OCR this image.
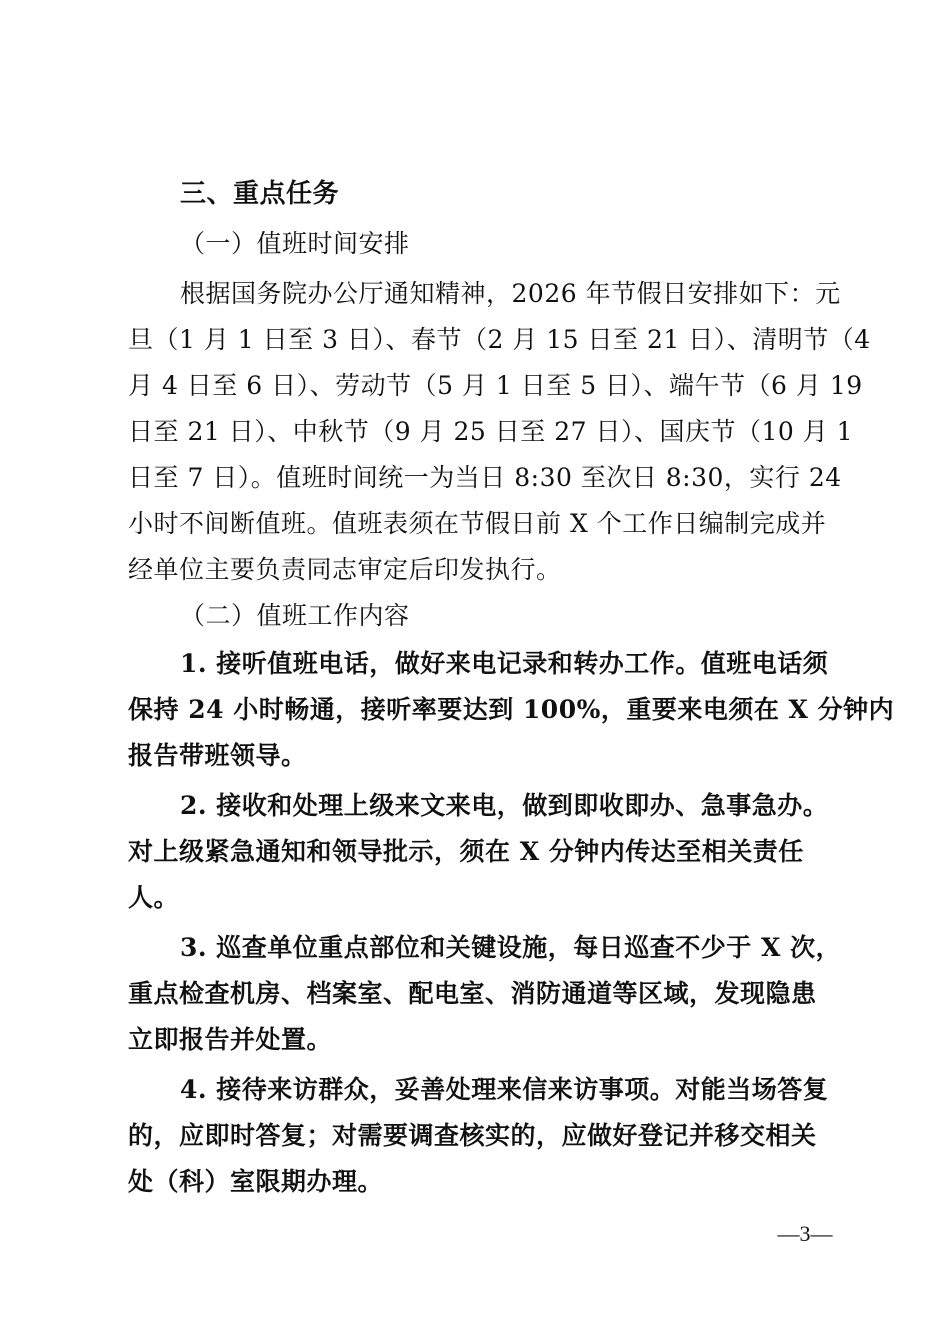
三、重点任务
（一）值班时间安排
根据国务院办公厅通知精神，2026 年节假日安排如下：元
旦（1 月 1 日至 3 日）、春节（2 月 15 日至 21 日）、清明节（4
月 4 日至 6 日）、劳动节（5 月 1 日至 5 日）、端午节（6 月 19
日至 21 日）、中秋节（9 月 25 日至 27 日）、国庆节（10 月 1
日至 7 日）。值班时间统一为当日 8:30 至次日 8:30，实行 24
小时不间断值班。值班表须在节假日前 X 个工作日编制完成并
经单位主要负责同志审定后印发执行。
（二）值班工作内容
1. 接听值班电话，做好来电记录和转办工作。值班电话须
保持 24 小时畅通，接听率要达到 100%，重要来电须在 X 分钟内
报告带班领导。
2. 接收和处理上级来文来电，做到即收即办、急事急办。
对上级紧急通知和领导批示，须在 X 分钟内传达至相关责任
人。
3. 巡查单位重点部位和关键设施，每日巡查不少于 X 次，
重点检查机房、档案室、配电室、消防通道等区域，发现隐患
立即报告并处置。
4. 接待来访群众，妥善处理来信来访事项。对能当场答复
的，应即时答复；对需要调查核实的，应做好登记并移交相关
处（科）室限期办理。
—3—
